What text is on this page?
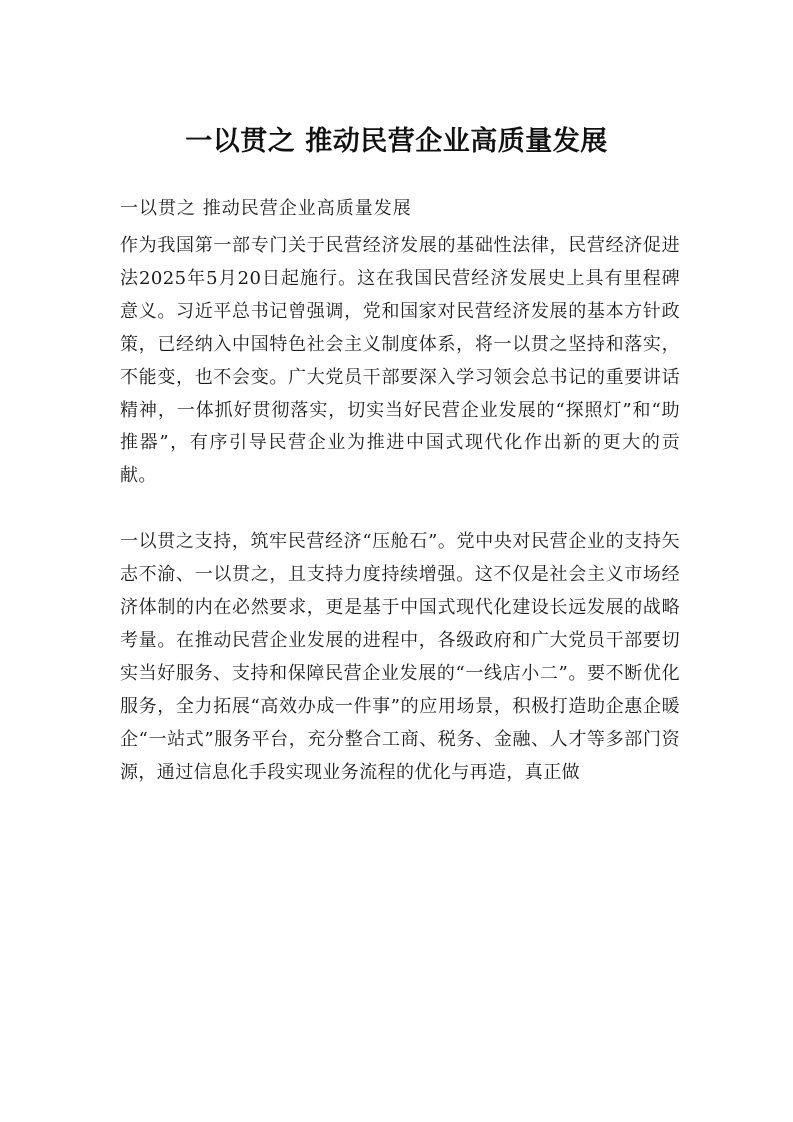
一以贯之 推动民营企业高质量发展
一以贯之 推动民营企业高质量发展

作为我国第一部专门关于民营经济发展的基础性法律，民营经济促进法2025年5月20日起施行。这在我国民营经济发展史上具有里程碑意义。习近平总书记曾强调，党和国家对民营经济发展的基本方针政策，已经纳入中国特色社会主义制度体系，将一以贯之坚持和落实，不能变，也不会变。广大党员干部要深入学习领会总书记的重要讲话精神，一体抓好贯彻落实，切实当好民营企业发展的“探照灯”和“助推器”，有序引导民营企业为推进中国式现代化作出新的更大的贡献。

一以贯之支持，筑牢民营经济“压舱石”。党中央对民营企业的支持矢志不渝、一以贯之，且支持力度持续增强。这不仅是社会主义市场经济体制的内在必然要求，更是基于中国式现代化建设长远发展的战略考量。在推动民营企业发展的进程中，各级政府和广大党员干部要切实当好服务、支持和保障民营企业发展的“一线店小二”。要不断优化服务，全力拓展“高效办成一件事”的应用场景，积极打造助企惠企暖企“一站式”服务平台，充分整合工商、税务、金融、人才等多部门资源，通过信息化手段实现业务流程的优化与再造，真正做
